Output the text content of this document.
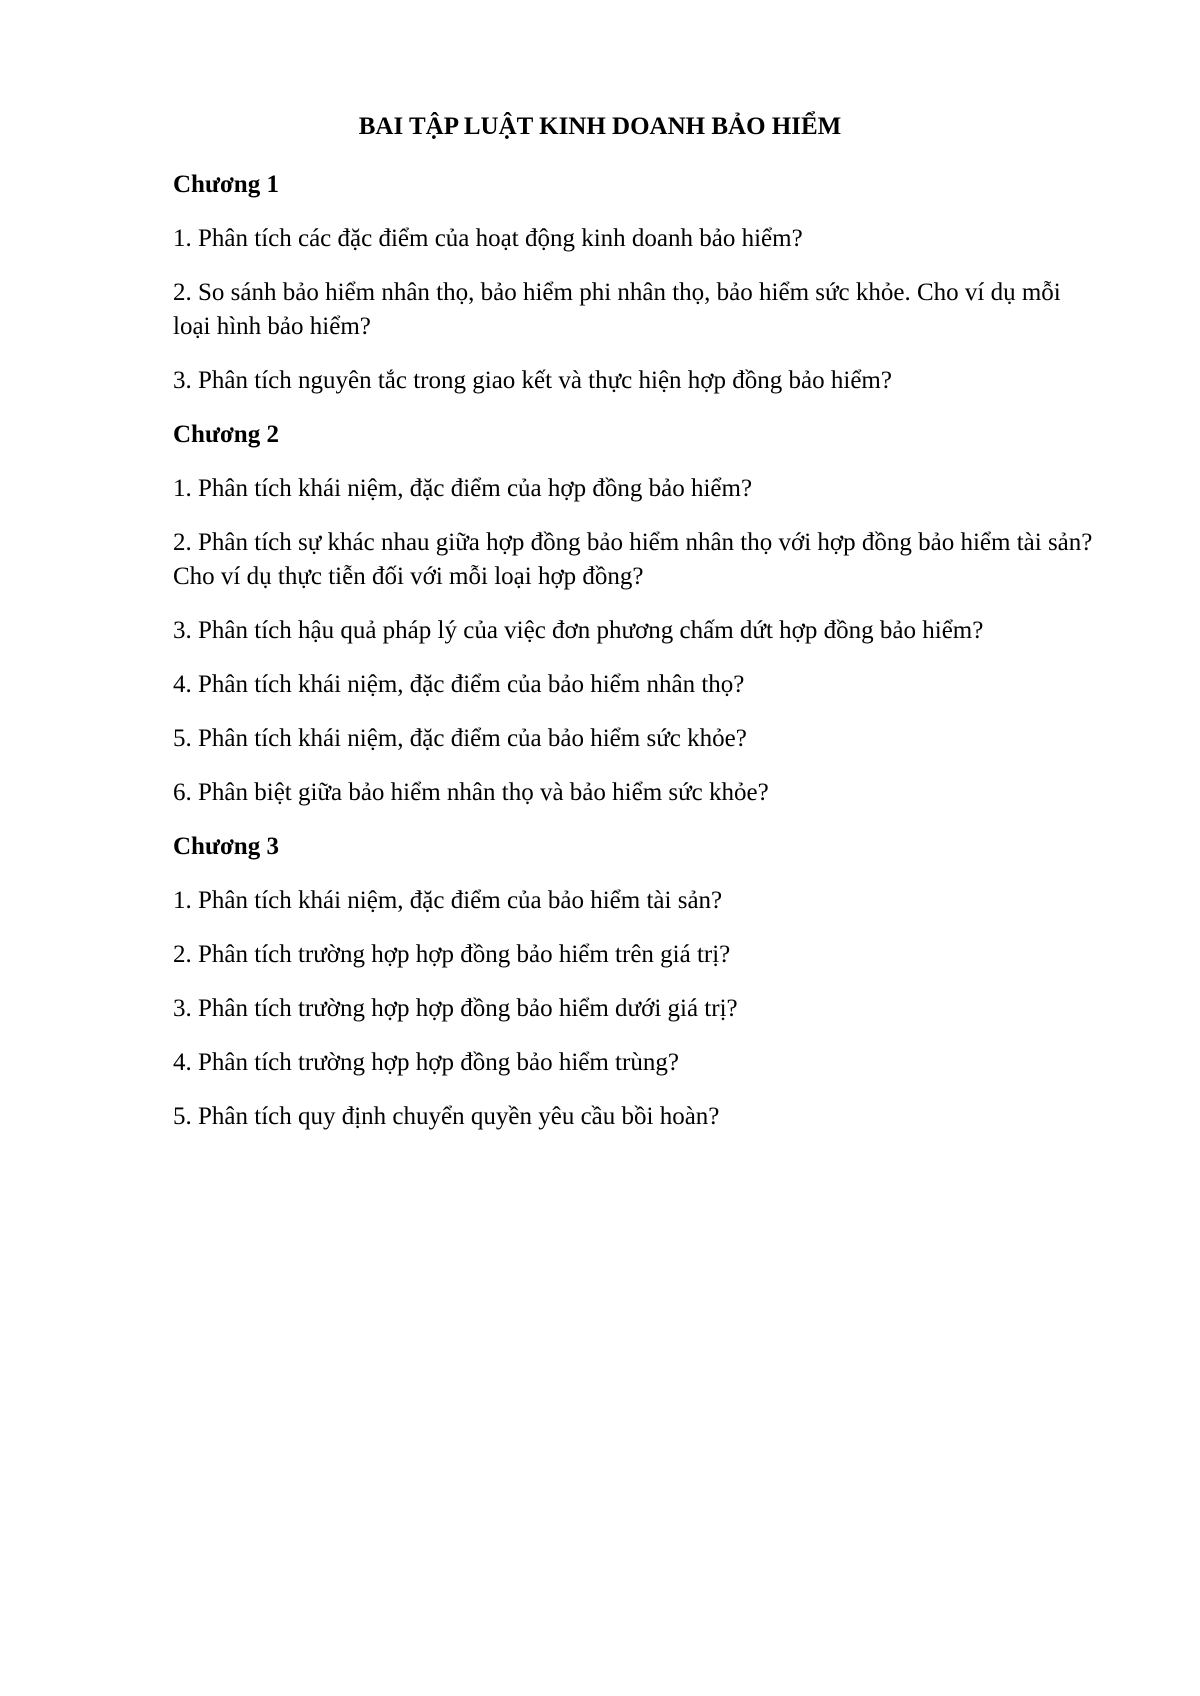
BAI TẬP LUẬT KINH DOANH BẢO HIỂM

Chương 1

1. Phân tích các đặc điểm của hoạt động kinh doanh bảo hiểm?

2. So sánh bảo hiểm nhân thọ, bảo hiểm phi nhân thọ, bảo hiểm sức khỏe. Cho ví dụ mỗi loại hình bảo hiểm?

3. Phân tích nguyên tắc trong giao kết và thực hiện hợp đồng bảo hiểm?

Chương 2

1. Phân tích khái niệm, đặc điểm của hợp đồng bảo hiểm?

2. Phân tích sự khác nhau giữa hợp đồng bảo hiểm nhân thọ với hợp đồng bảo hiểm tài sản? Cho ví dụ thực tiễn đối với mỗi loại hợp đồng?

3. Phân tích hậu quả pháp lý của việc đơn phương chấm dứt hợp đồng bảo hiểm?

4. Phân tích khái niệm, đặc điểm của bảo hiểm nhân thọ?

5. Phân tích khái niệm, đặc điểm của bảo hiểm sức khỏe?

6. Phân biệt giữa bảo hiểm nhân thọ và bảo hiểm sức khỏe?

Chương 3

1. Phân tích khái niệm, đặc điểm của bảo hiểm tài sản?

2. Phân tích trường hợp hợp đồng bảo hiểm trên giá trị?

3. Phân tích trường hợp hợp đồng bảo hiểm dưới giá trị?

4. Phân tích trường hợp hợp đồng bảo hiểm trùng?

5. Phân tích quy định chuyển quyền yêu cầu bồi hoàn?
